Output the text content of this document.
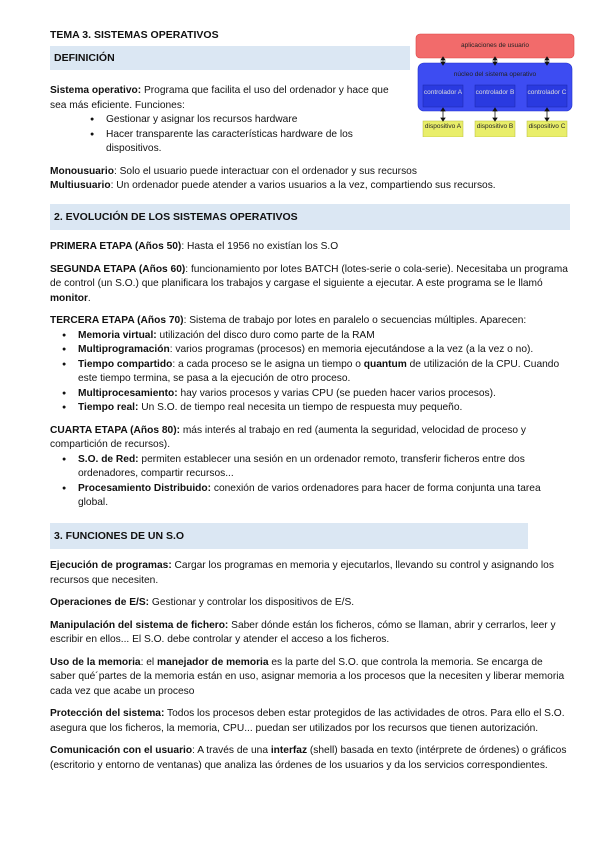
aplicaciones de usuario
núcleo del sistema operativo
controlador A controlador B controlador C
dispositivo A dispositivo B dispositivo C
TEMA 3. SISTEMAS OPERATIVOS
DEFINICIÓN

Sistema operativo: Programa que facilita el uso del ordenador y hace que sea más eficiente. Funciones:

● Gestionar y asignar los recursos hardware
● Hacer transparente las características hardware de los dispositivos.

Monousuario: Solo el usuario puede interactuar con el ordenador y sus recursos

Multiusuario: Un ordenador puede atender a varios usuarios a la vez, compartiendo sus recursos.

2. EVOLUCIÓN DE LOS SISTEMAS OPERATIVOS

PRIMERA ETAPA (Años 50): Hasta el 1956 no existían los S.O

SEGUNDA ETAPA (Años 60): funcionamiento por lotes BATCH (lotes-serie o cola-serie). Necesitaba un programa de control (un S.O.) que planificara los trabajos y cargase el siguiente a ejecutar. A este programa se le llamó monitor.

TERCERA ETAPA (Años 70): Sistema de trabajo por lotes en paralelo o secuencias múltiples. Aparecen:

● Memoria virtual: utilización del disco duro como parte de la RAM
● Multiprogramación: varios programas (procesos) en memoria ejecutándose a la vez (a la vez o no).
● Tiempo compartido: a cada proceso se le asigna un tiempo o quantum de utilización de la CPU. Cuando este tiempo termina, se pasa a la ejecución de otro proceso.
● Multiprocesamiento: hay varios procesos y varias CPU (se pueden hacer varios procesos).
● Tiempo real: Un S.O. de tiempo real necesita un tiempo de respuesta muy pequeño.

CUARTA ETAPA (Años 80): más interés al trabajo en red (aumenta la seguridad, velocidad de proceso y compartición de recursos).

● S.O. de Red: permiten establecer una sesión en un ordenador remoto, transferir ficheros entre dos ordenadores, compartir recursos...
● Procesamiento Distribuido: conexión de varios ordenadores para hacer de forma conjunta una tarea global.
3. FUNCIONES DE UN S.O

Ejecución de programas: Cargar los programas en memoria y ejecutarlos, llevando su control y asignando los recursos que necesiten.

Operaciones de E/S: Gestionar y controlar los dispositivos de E/S.

Manipulación del sistema de fichero: Saber dónde están los ficheros, cómo se llaman, abrir y cerrarlos, leer y escribir en ellos... El S.O. debe controlar y atender el acceso a los ficheros.

Uso de la memoria: el manejador de memoria es la parte del S.O. que controla la memoria. Se encarga de saber qué´partes de la memoria están en uso, asignar memoria a los procesos que la necesiten y liberar memoria cada vez que acabe un proceso

Protección del sistema: Todos los procesos deben estar protegidos de las actividades de otros. Para ello el S.O. asegura que los ficheros, la memoria, CPU... puedan ser utilizados por los recursos que tienen autorización.

Comunicación con el usuario: A través de una interfaz (shell) basada en texto (intérprete de órdenes) o gráficos (escritorio y entorno de ventanas) que analiza las órdenes de los usuarios y da los servicios correspondientes.
